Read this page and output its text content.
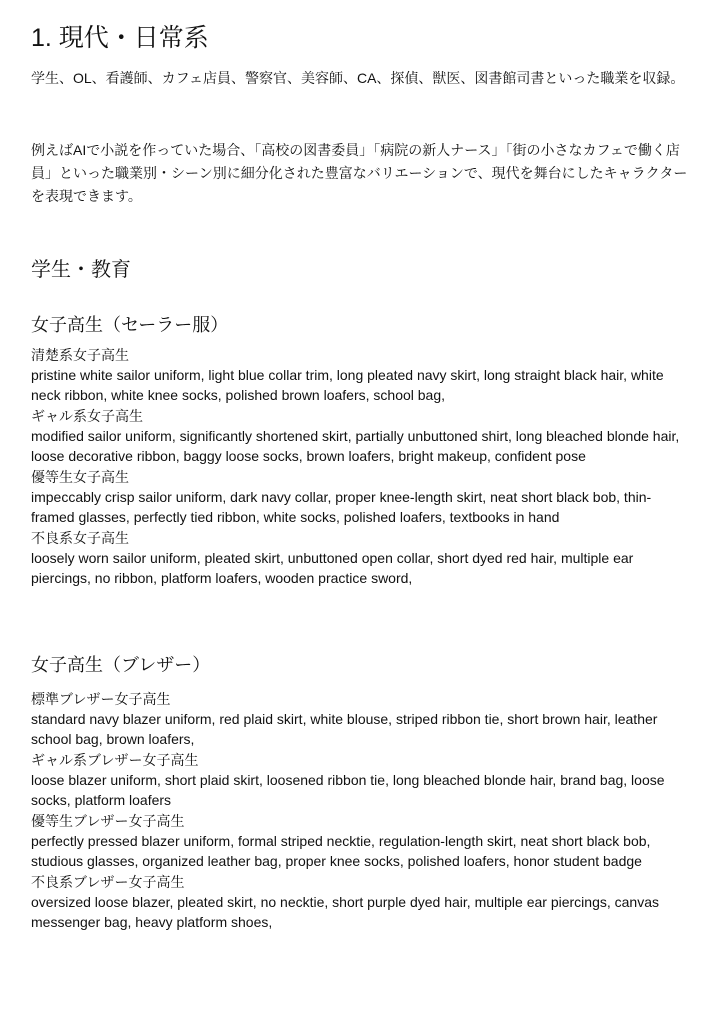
1. 現代・日常系

学生、OL、看護師、カフェ店員、警察官、美容師、CA、探偵、獣医、図書館司書といった職業を収録。

例えばAIで小説を作っていた場合、「高校の図書委員」「病院の新人ナース」「街の小さなカフェで働く店員」といった職業別・シーン別に細分化された豊富なバリエーションで、現代を舞台にしたキャラクターを表現できます。

学生・教育
女子高生（セーラー服）
清楚系女子高生
pristine white sailor uniform, light blue collar trim, long pleated navy skirt, long straight black hair, white neck ribbon, white knee socks, polished brown loafers, school bag,
ギャル系女子高生
modified sailor uniform, significantly shortened skirt, partially unbuttoned shirt, long bleached blonde hair, loose decorative ribbon, baggy loose socks, brown loafers, bright makeup, confident pose
優等生女子高生
impeccably crisp sailor uniform, dark navy collar, proper knee-length skirt, neat short black bob, thin-framed glasses, perfectly tied ribbon, white socks, polished loafers, textbooks in hand
不良系女子高生
loosely worn sailor uniform, pleated skirt, unbuttoned open collar, short dyed red hair, multiple ear piercings, no ribbon, platform loafers, wooden practice sword,
女子高生（ブレザー）
標準ブレザー女子高生
standard navy blazer uniform, red plaid skirt, white blouse, striped ribbon tie, short brown hair, leather school bag, brown loafers,
ギャル系ブレザー女子高生
loose blazer uniform, short plaid skirt, loosened ribbon tie, long bleached blonde hair, brand bag, loose socks, platform loafers
優等生ブレザー女子高生
perfectly pressed blazer uniform, formal striped necktie, regulation-length skirt, neat short black bob, studious glasses, organized leather bag, proper knee socks, polished loafers, honor student badge
不良系ブレザー女子高生
oversized loose blazer, pleated skirt, no necktie, short purple dyed hair, multiple ear piercings, canvas messenger bag, heavy platform shoes,
